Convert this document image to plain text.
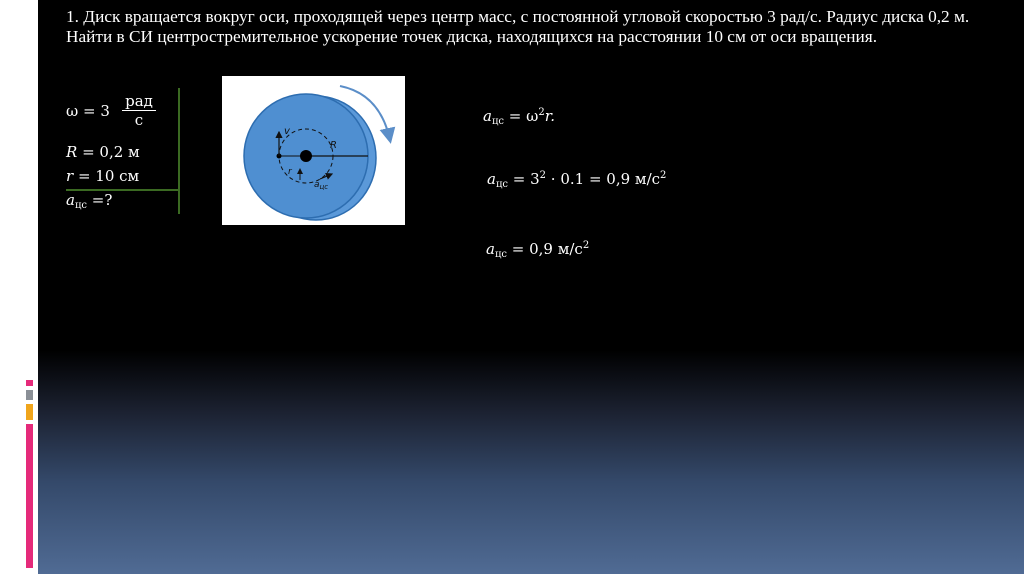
1. Диск вращается вокруг оси, проходящей через центр масс, с постоянной угловой скоростью 3 рад/с. Радиус диска 0,2 м. Найти в СИ центростремительное ускорение точек диска, находящихся на расстоянии 10 см от оси вращения.

ω = 3
рад
с
R = 0,2 м
r = 10 см
$a_{цс}$ =?
v
R
r
$a_{цс}$
$a_{цс} = \omega^2r$.
$a_{цс} = 3^2 \cdot 0.1 = 0,9$ $м/с^2$
$a_{цс} = 0,9$ $м/с^2$
